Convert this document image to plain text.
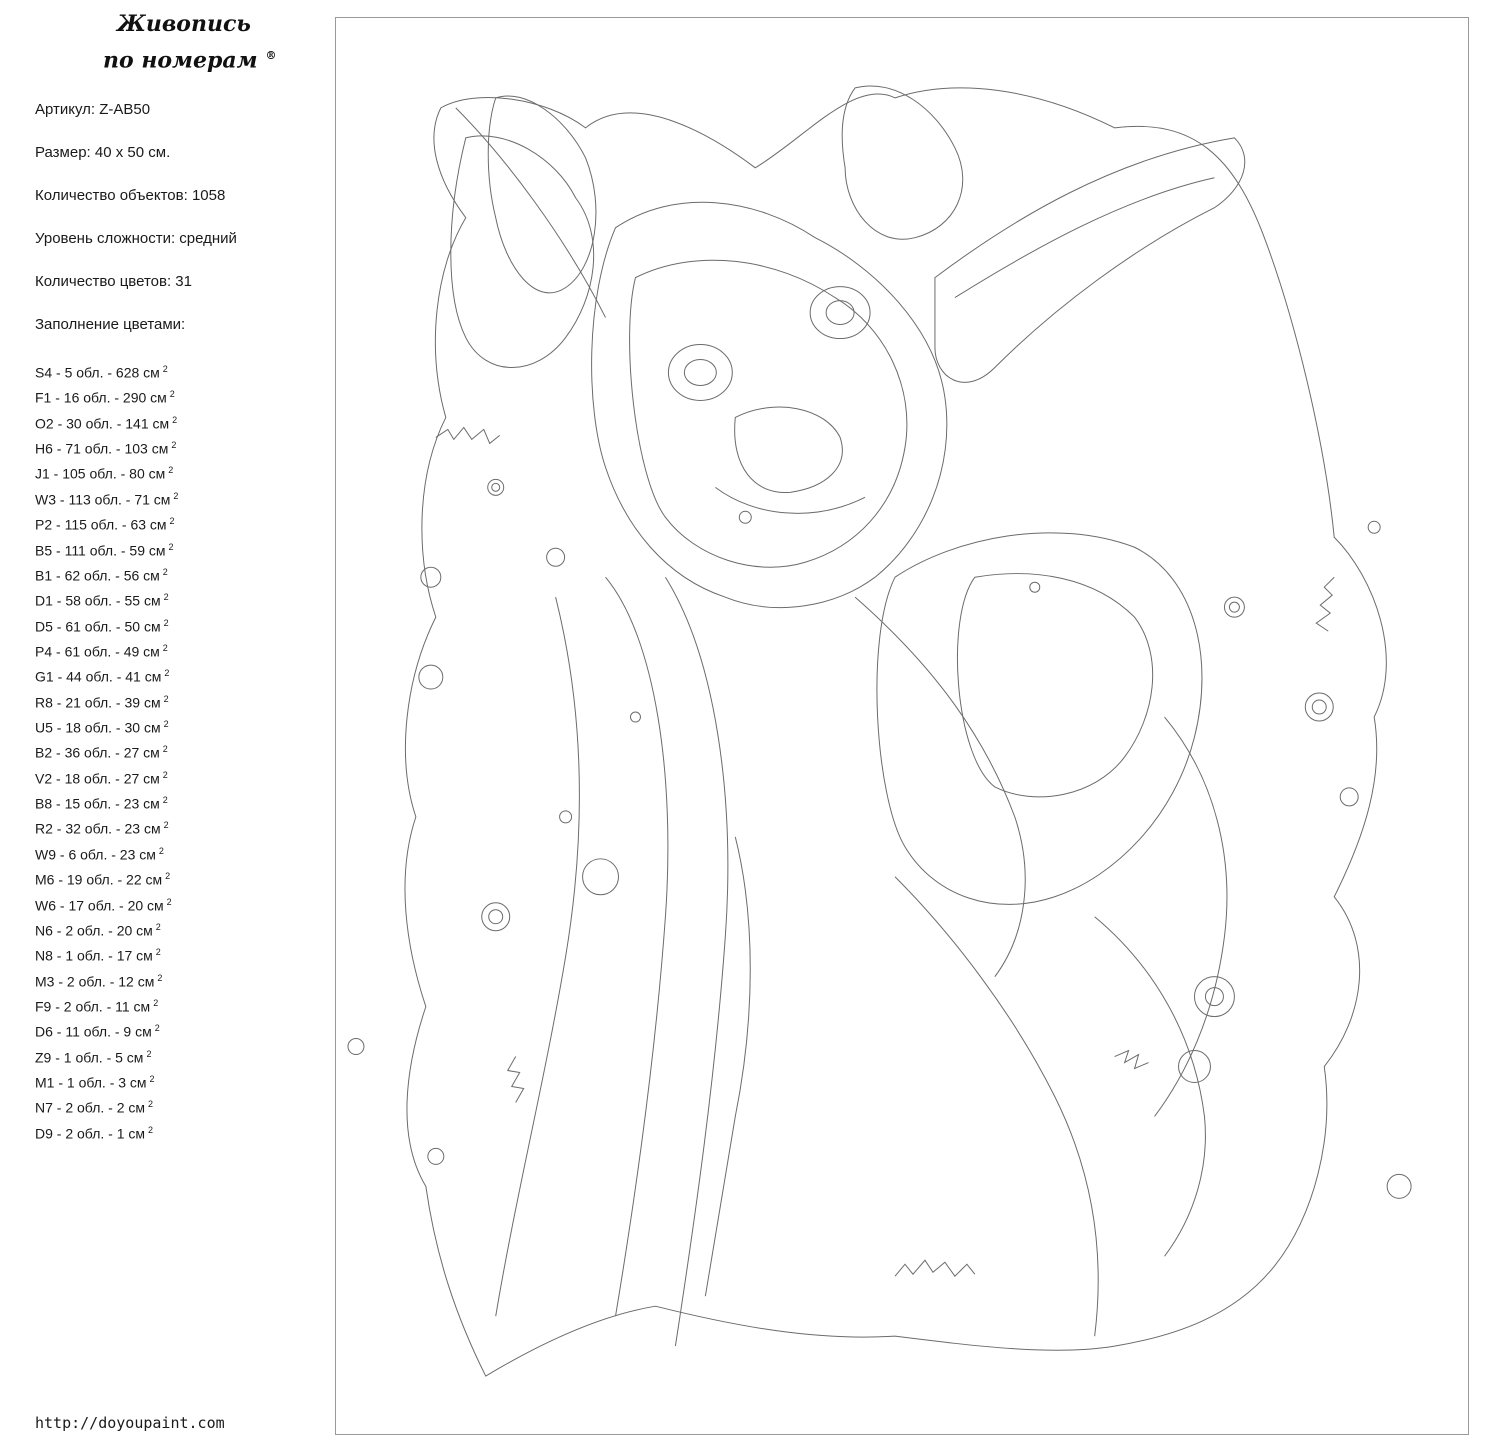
Живопись
по номерам ®
Артикул: Z-AB50
Размер: 40 x 50 см.
Количество объектов: 1058
Уровень сложности: средний
Количество цветов: 31
Заполнение цветами:
S4 - 5 обл. - 628 см $^2$
F1 - 16 обл. - 290 см $^2$
O2 - 30 обл. - 141 см $^2$
H6 - 71 обл. - 103 см $^2$
J1 - 105 обл. - 80 см $^2$
W3 - 113 обл. - 71 см $^2$
P2 - 115 обл. - 63 см $^2$
B5 - 111 обл. - 59 см $^2$
B1 - 62 обл. - 56 см $^2$
D1 - 58 обл. - 55 см $^2$
D5 - 61 обл. - 50 см $^2$
P4 - 61 обл. - 49 см $^2$
G1 - 44 обл. - 41 см $^2$
R8 - 21 обл. - 39 см $^2$
U5 - 18 обл. - 30 см $^2$
B2 - 36 обл. - 27 см $^2$
V2 - 18 обл. - 27 см $^2$
B8 - 15 обл. - 23 см $^2$
R2 - 32 обл. - 23 см $^2$
W9 - 6 обл. - 23 см $^2$
M6 - 19 обл. - 22 см $^2$
W6 - 17 обл. - 20 см $^2$
N6 - 2 обл. - 20 см $^2$
N8 - 1 обл. - 17 см $^2$
M3 - 2 обл. - 12 см $^2$
F9 - 2 обл. - 11 см $^2$
D6 - 11 обл. - 9 см $^2$
Z9 - 1 обл. - 5 см $^2$
M1 - 1 обл. - 3 см $^2$
N7 - 2 обл. - 2 см $^2$
D9 - 2 обл. - 1 см $^2$
http://doyoupaint.com
